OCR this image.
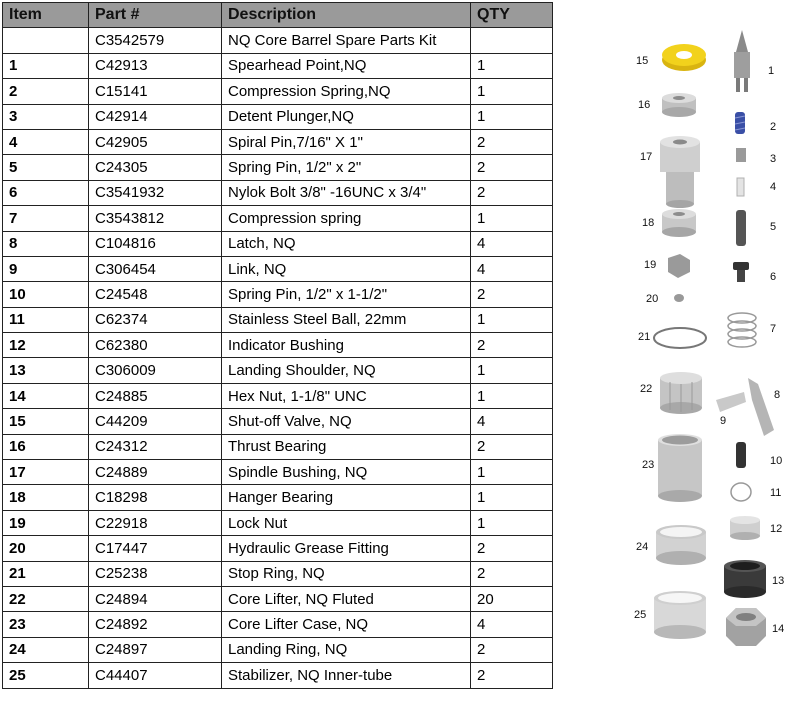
Item	Part #	Description	QTY
	C3542579	NQ Core Barrel Spare Parts Kit	
1	C42913	Spearhead Point,NQ	1
2	C15141	Compression Spring,NQ	1
3	C42914	Detent Plunger,NQ	1
4	C42905	Spiral Pin,7/16" X 1"	2
5	C24305	Spring Pin, 1/2" x 2"	2
6	C3541932	Nylok Bolt 3/8" -16UNC x 3/4"	2
7	C3543812	Compression spring	1
8	C104816	Latch, NQ	4
9	C306454	Link, NQ	4
10	C24548	Spring Pin, 1/2" x 1-1/2"	2
11	C62374	Stainless Steel Ball, 22mm	1
12	C62380	Indicator Bushing	2
13	C306009	Landing Shoulder, NQ	1
14	C24885	Hex Nut, 1-1/8" UNC	1
15	C44209	Shut-off Valve, NQ	4
16	C24312	Thrust Bearing	2
17	C24889	Spindle Bushing, NQ	1
18	C18298	Hanger Bearing	1
19	C22918	Lock Nut	1
20	C17447	Hydraulic Grease Fitting	2
21	C25238	Stop Ring, NQ	2
22	C24894	Core Lifter, NQ Fluted	20
23	C24892	Core Lifter Case, NQ	4
24	C24897	Landing Ring, NQ	2
25	C44407	Stabilizer, NQ Inner-tube	2
15
1
16
2
17	3
4
18	5
19
6
20
21
7
22	8
9
23	10
11
24
12
13
25
14
